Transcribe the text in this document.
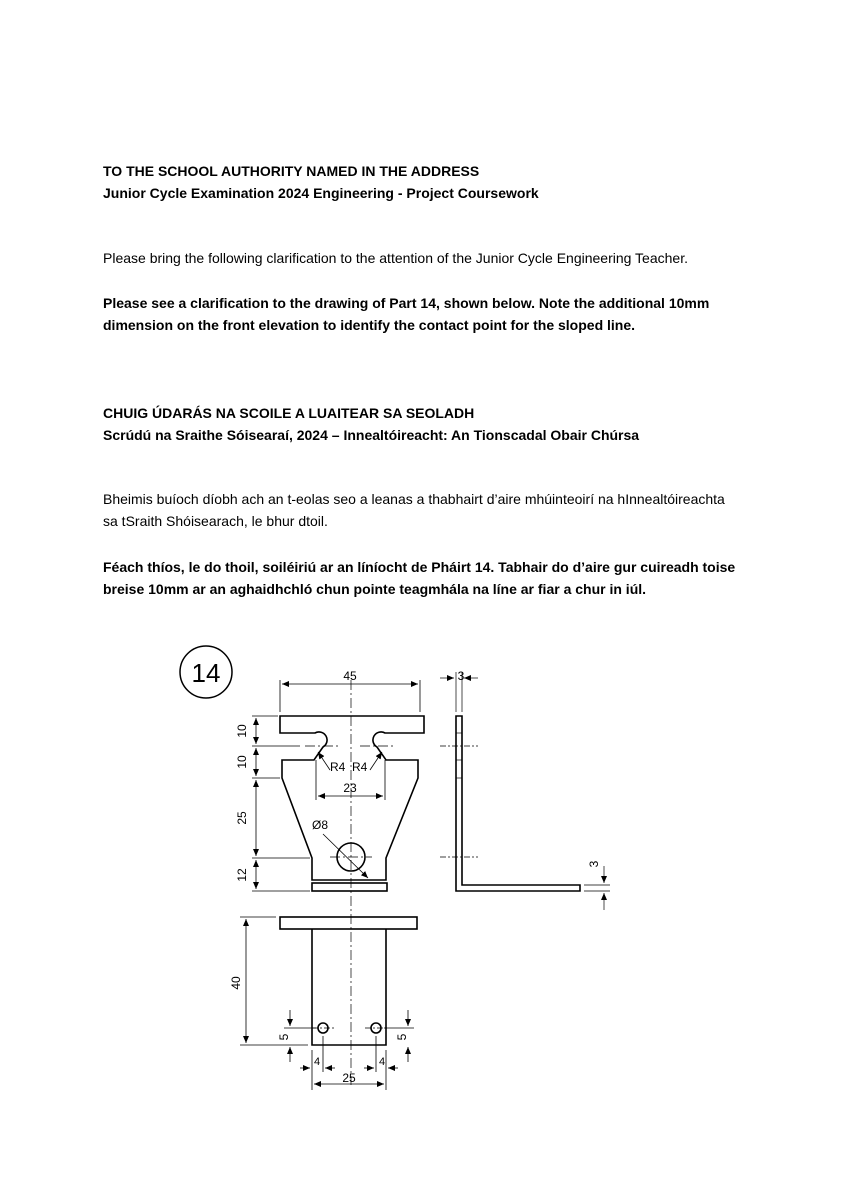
TO THE SCHOOL AUTHORITY NAMED IN THE ADDRESS
Junior Cycle Examination 2024 Engineering - Project Coursework

Please bring the following clarification to the attention of the Junior Cycle Engineering Teacher.

Please see a clarification to the drawing of Part 14, shown below. Note the additional 10mm
dimension on the front elevation to identify the contact point for the sloped line.

CHUIG ÚDARÁS NA SCOILE A LUAITEAR SA SEOLADH
Scrúdú na Sraithe Sóisearaí, 2024 – Innealtóireacht: An Tionscadal Obair Chúrsa

Bheimis buíoch díobh ach an t-eolas seo a leanas a thabhairt d’aire mhúinteoirí na hInnealtóireachta
sa tSraith Shóisearach, le bhur dtoil.

Féach thíos, le do thoil, soiléiriú ar an líníocht de Pháirt 14. Tabhair do d’aire gur cuireadh toise
breise 10mm ar an aghaidhchló chun pointe teagmhála na líne ar fiar a chur in iúl.

14	45
10
10
25
12
R4 R4
23
Ø8
3
3
40
5	5
4	4
25
